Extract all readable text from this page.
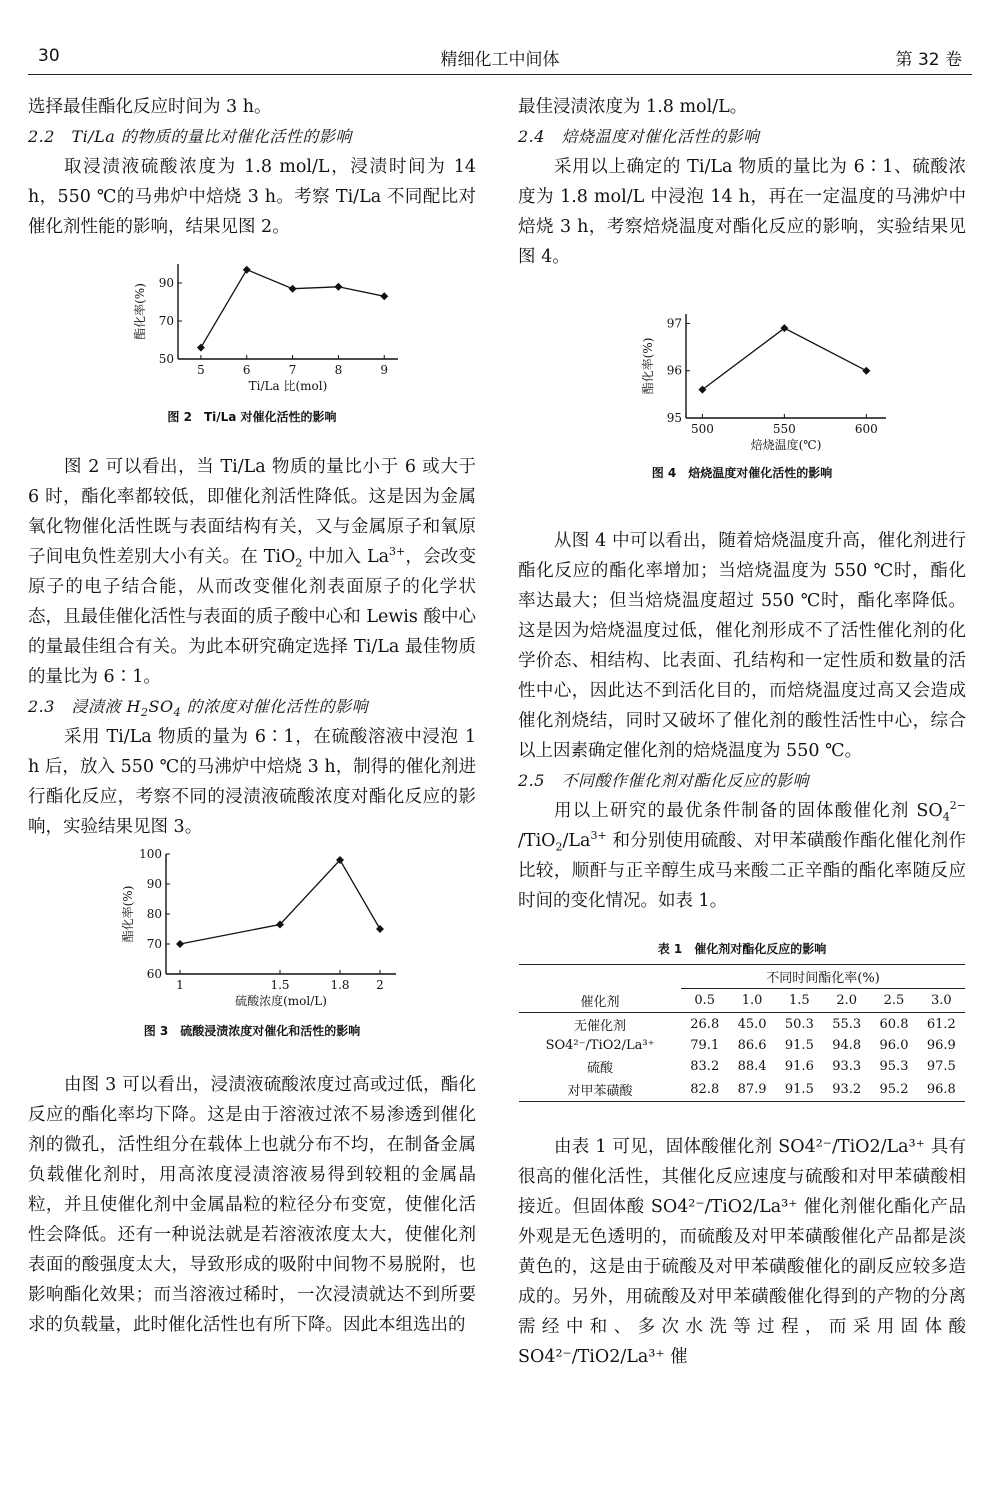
30	精细化工中间体	第 32 卷

选择最佳酯化反应时间为 3 h。

2.2　Ti/La 的物质的量比对催化活性的影响

取浸渍液硫酸浓度为 1.8 mol/L，浸渍时间为 14 h，550 ℃的马弗炉中焙烧 3 h。考察 Ti/La 不同配比对催化剂性能的影响，结果见图 2。

50
70
90
5	6	7	8	9
Ti/La 比(mol)
酯化率(%)
图 2　Ti/La 对催化活性的影响

图 2 可以看出，当 Ti/La 物质的量比小于 6 或大于 6 时，酯化率都较低，即催化剂活性降低。这是因为金属氧化物催化活性既与表面结构有关，又与金属原子和氧原子间电负性差别大小有关。在 TiO$_2$ 中加入 $La^{3+}$，会改变原子的电子结合能，从而改变催化剂表面原子的化学状态，且最佳催化活性与表面的质子酸中心和 Lewis 酸中心的量最佳组合有关。为此本研究确定选择 Ti/La 最佳物质的量比为 6∶1。

2.3　浸渍液 $H_2SO_4$ 的浓度对催化活性的影响

采用 Ti/La 物质的量为 6∶1，在硫酸溶液中浸泡 1 h 后，放入 550 ℃的马沸炉中焙烧 3 h，制得的催化剂进行酯化反应，考察不同的浸渍液硫酸浓度对酯化反应的影响，实验结果见图 3。

60
70
80
90
100
1	1.5	1.8 2
硫酸浓度(mol/L)
酯化率(%)
图 3　硫酸浸渍浓度对催化和活性的影响

由图 3 可以看出，浸渍液硫酸浓度过高或过低，酯化反应的酯化率均下降。这是由于溶液过浓不易渗透到催化剂的微孔，活性组分在载体上也就分布不均，在制备金属负载催化剂时，用高浓度浸渍溶液易得到较粗的金属晶粒，并且使催化剂中金属晶粒的粒径分布变宽，使催化活性会降低。还有一种说法就是若溶液浓度太大，使催化剂表面的酸强度太大，导致形成的吸附中间物不易脱附，也影响酯化效果；而当溶液过稀时，一次浸渍就达不到所要求的负载量，此时催化活性也有所下降。因此本组选出的

最佳浸渍浓度为 1.8 mol/L。

2.4　焙烧温度对催化活性的影响

采用以上确定的 Ti/La 物质的量比为 6∶1、硫酸浓度为 1.8 mol/L 中浸泡 14 h，再在一定温度的马沸炉中焙烧 3 h，考察焙烧温度对酯化反应的影响，实验结果见图 4。

95
96
97
500	550	600
焙烧温度(℃)
酯化率(%)
图 4　焙烧温度对催化活性的影响

从图 4 中可以看出，随着焙烧温度升高，催化剂进行酯化反应的酯化率增加；当焙烧温度为 550 ℃时，酯化率达最大；但当焙烧温度超过 550 ℃时，酯化率降低。这是因为焙烧温度过低，催化剂形成不了活性催化剂的化学价态、相结构、比表面、孔结构和一定性质和数量的活性中心，因此达不到活化目的，而焙烧温度过高又会造成催化剂烧结，同时又破坏了催化剂的酸性活性中心，综合以上因素确定催化剂的焙烧温度为 550 ℃。

2.5　不同酸作催化剂对酯化反应的影响

用以上研究的最优条件制备的固体酸催化剂 $SO_4^{2-}$ $/TiO_2/La^{3+}$ 和分别使用硫酸、对甲苯磺酸作酯化催化剂作比较，顺酐与正辛醇生成马来酸二正辛酯的酯化率随反应时间的变化情况。如表 1。

表 1　催化剂对酯化反应的影响
	不同时间酯化率(%)					
催化剂	0.5	1.0	1.5	2.0	2.5	3.0
无催化剂	26.8	45.0	50.3	55.3	60.8	61.2
SO4²⁻/TiO2/La³⁺	79.1	86.6	91.5	94.8	96.0	96.9
硫酸	83.2	88.4	91.6	93.3	95.3	97.5
对甲苯磺酸	82.8	87.9	91.5	93.2	95.2	96.8

由表 1 可见，固体酸催化剂 SO4²⁻/TiO2/La³⁺ 具有很高的催化活性，其催化反应速度与硫酸和对甲苯磺酸相接近。但固体酸 SO4²⁻/TiO2/La³⁺ 催化剂催化酯化产品外观是无色透明的，而硫酸及对甲苯磺酸催化产品都是淡黄色的，这是由于硫酸及对甲苯磺酸催化的副反应较多造成的。另外，用硫酸及对甲苯磺酸催化得到的产物的分离需经中和、多次水洗等过程，而采用固体酸 SO4²⁻/TiO2/La³⁺ 催
